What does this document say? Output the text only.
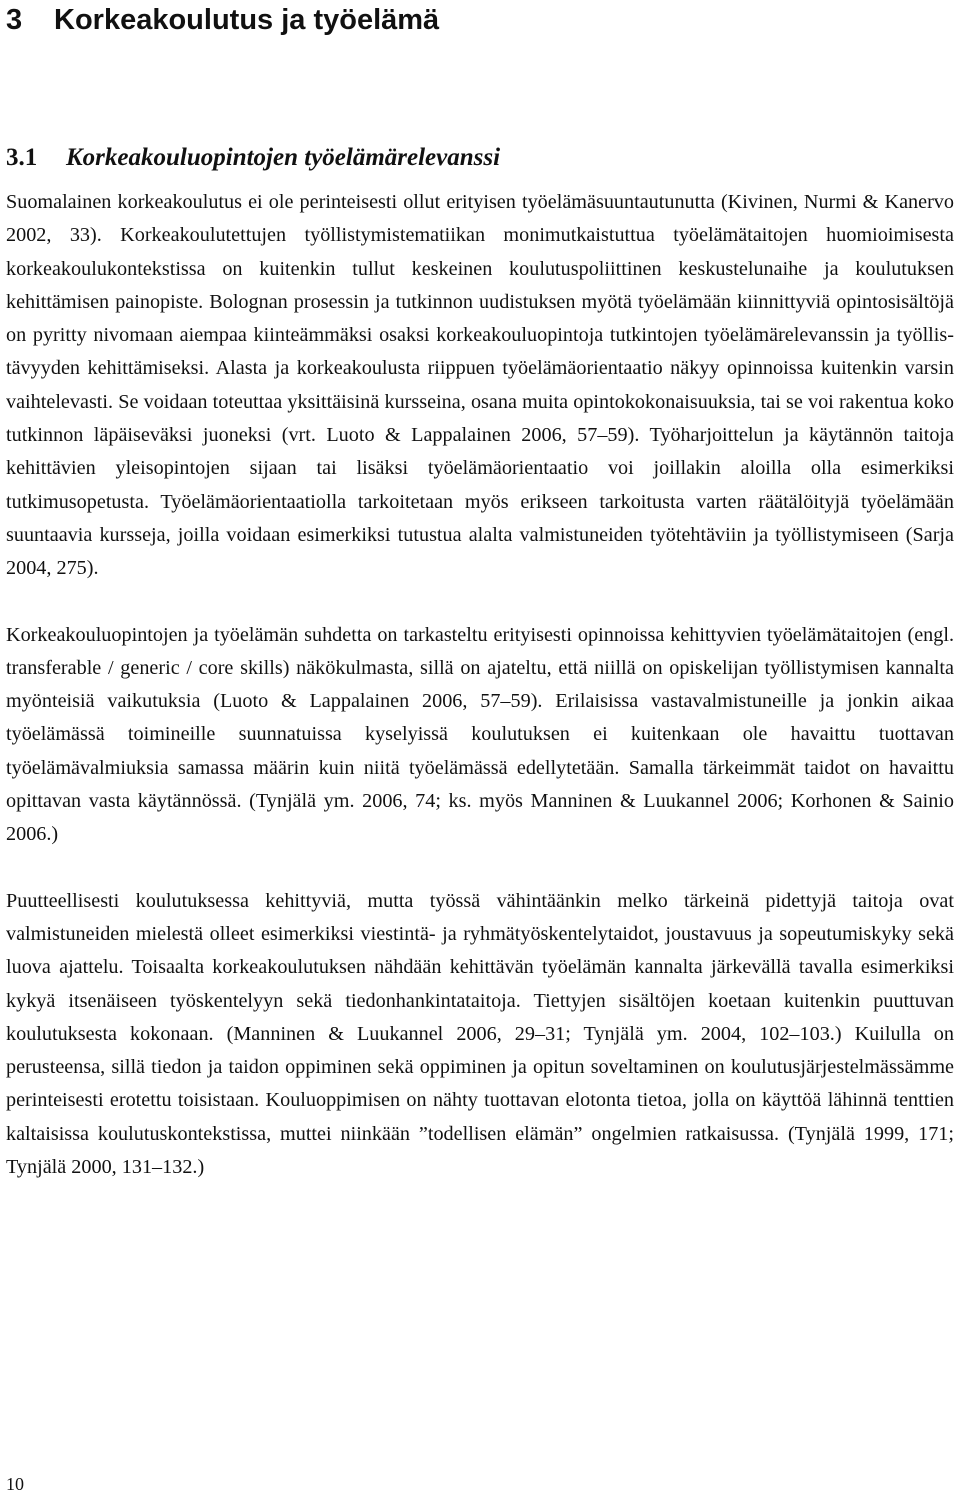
3 Korkeakoulutus ja työelämä
3.1 Korkeakouluopintojen työelämärelevanssi

Suomalainen korkeakoulutus ei ole perinteisesti ollut erityisen työelämäsuuntautunutta (Kivinen, Nurmi & Kanervo 2002, 33). Korkeakoulutettujen työllistymistematiikan monimutkaistuttua työelämätaitojen huomioimisesta korkeakoulukontekstissa on kuitenkin tullut keskeinen koulutuspoliittinen keskustelunaihe ja koulutuksen kehittämisen painopiste. Bolognan prosessin ja tutkinnon uudistuksen myötä työelämään kiinnittyviä opintosisältöjä on pyritty nivomaan aiempaa kiinteämmäksi osaksi korkeakouluopintoja tutkintojen työelämärelevanssin ja työllistävyyden kehittämiseksi. Alasta ja korkeakoulusta riippuen työelämäorientaatio näkyy opinnoissa kuitenkin varsin vaihtelevasti. Se voidaan toteuttaa yksittäisinä kursseina, osana muita opintokokonaisuuksia, tai se voi rakentua koko tutkinnon läpäiseväksi juoneksi (vrt. Luoto & Lappalainen 2006, 57–59). Työharjoittelun ja käytännön taitoja kehittävien yleisopintojen sijaan tai lisäksi työelämäorientaatio voi joillakin aloilla olla esimerkiksi tutkimusopetusta. Työelämäorientaatiolla tarkoitetaan myös erikseen tarkoitusta varten räätälöityjä työelämään suuntaavia kursseja, joilla voidaan esimerkiksi tutustua alalta valmistuneiden työtehtäviin ja työllistymiseen (Sarja 2004, 275).

Korkeakouluopintojen ja työelämän suhdetta on tarkasteltu erityisesti opinnoissa kehittyvien työelämätaitojen (engl. transferable / generic / core skills) näkökulmasta, sillä on ajateltu, että niillä on opiskelijan työllistymisen kannalta myönteisiä vaikutuksia (Luoto & Lappalainen 2006, 57–59). Erilaisissa vastavalmistuneille ja jonkin aikaa työelämässä toimineille suunnatuissa kyselyissä koulutuksen ei kuitenkaan ole havaittu tuottavan työelämävalmiuksia samassa määrin kuin niitä työelämässä edellytetään. Samalla tärkeimmät taidot on havaittu opittavan vasta käytännössä. (Tynjälä ym. 2006, 74; ks. myös Manninen & Luukannel 2006; Korhonen & Sainio 2006.)

Puutteellisesti koulutuksessa kehittyviä, mutta työssä vähintäänkin melko tärkeinä pidettyjä taitoja ovat valmistuneiden mielestä olleet esimerkiksi viestintä- ja ryhmätyöskentelytaidot, joustavuus ja sopeutumiskyky sekä luova ajattelu. Toisaalta korkeakoulutuksen nähdään kehittävän työelämän kannalta järkevällä tavalla esimerkiksi kykyä itsenäiseen työskentelyyn sekä tiedonhankintataitoja. Tiettyjen sisältöjen koetaan kuitenkin puuttuvan koulutuksesta kokonaan. (Manninen & Luukannel 2006, 29–31; Tynjälä ym. 2004, 102–103.) Kuilulla on perusteensa, sillä tiedon ja taidon oppiminen sekä oppiminen ja opitun soveltaminen on koulutusjärjestelmässämme perinteisesti erotettu toisistaan. Kouluoppimisen on nähty tuottavan elotonta tietoa, jolla on käyttöä lähinnä tenttien kaltaisissa koulutuskontekstissa, muttei niinkään ”todellisen elämän” ongelmien ratkaisussa. (Tynjälä 1999, 171; Tynjälä 2000, 131–132.)

10
